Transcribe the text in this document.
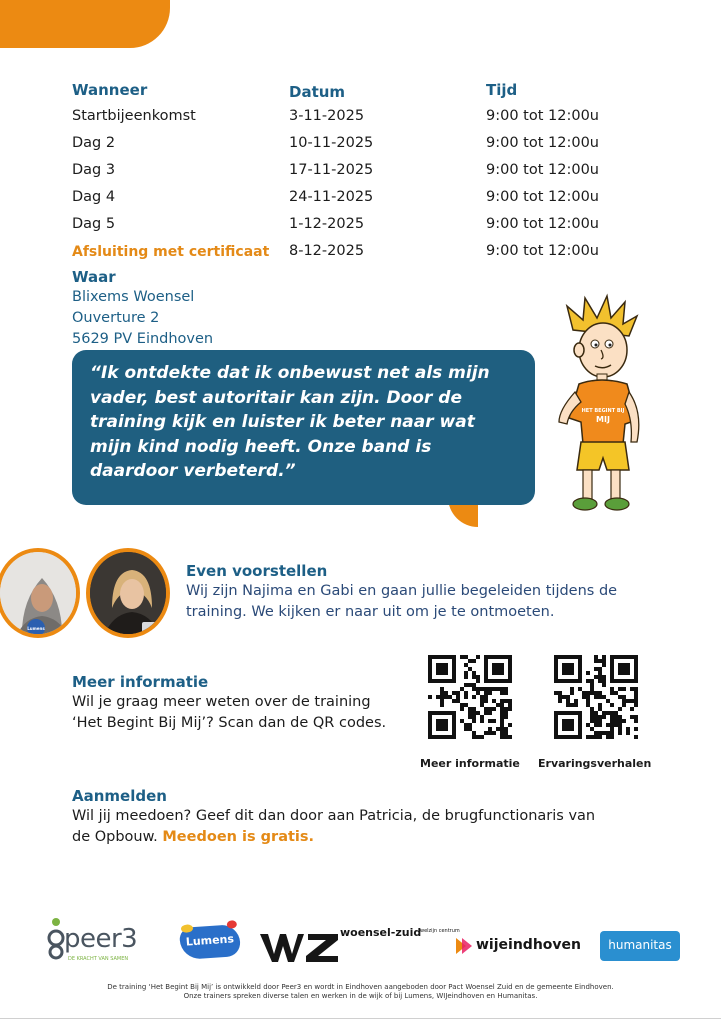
Wanneer	Datum	Tijd
Startbijeenkomst	3-11-2025	9:00 tot 12:00u
Dag 2	10-11-2025	9:00 tot 12:00u
Dag 3	17-11-2025	9:00 tot 12:00u
Dag 4	24-11-2025	9:00 tot 12:00u
Dag 5	1-12-2025	9:00 tot 12:00u
Afsluiting met certificaat 8-12-2025	9:00 tot 12:00u
Waar
Blixems Woensel
Ouverture 2
5629 PV Eindhoven
“Ik ontdekte dat ik onbewust net als mijn
vader, best autoritair kan zijn. Door de
training kijk en luister ik beter naar wat
mijn kind nodig heeft. Onze band is
daardoor verbeterd.”
HET BEGINT BIJ
MIJ
Lumens
Even voorstellen
Wij zijn Najima en Gabi en gaan jullie begeleiden tijdens de
training. We kijken er naar uit om je te ontmoeten.
Meer informatie
Wil je graag meer weten over de training
‘Het Begint Bij Mij’? Scan dan de QR codes.
Meer informatie Ervaringsverhalen
Aanmelden
Wil jij meedoen? Geef dit dan door aan Patricia, de brugfunctionaris van
de Opbouw. Meedoen is gratis.
peer3
DE KRACHT VAN SAMEN
Lumens	woensel-zuid
welzijn centrum
wijeindhoven	humanitas
De training ‘Het Begint Bij Mij’ is ontwikkeld door Peer3 en wordt in Eindhoven aangeboden door Pact Woensel Zuid en de gemeente Eindhoven.
Onze trainers spreken diverse talen en werken in de wijk of bij Lumens, WIJeindhoven en Humanitas.
